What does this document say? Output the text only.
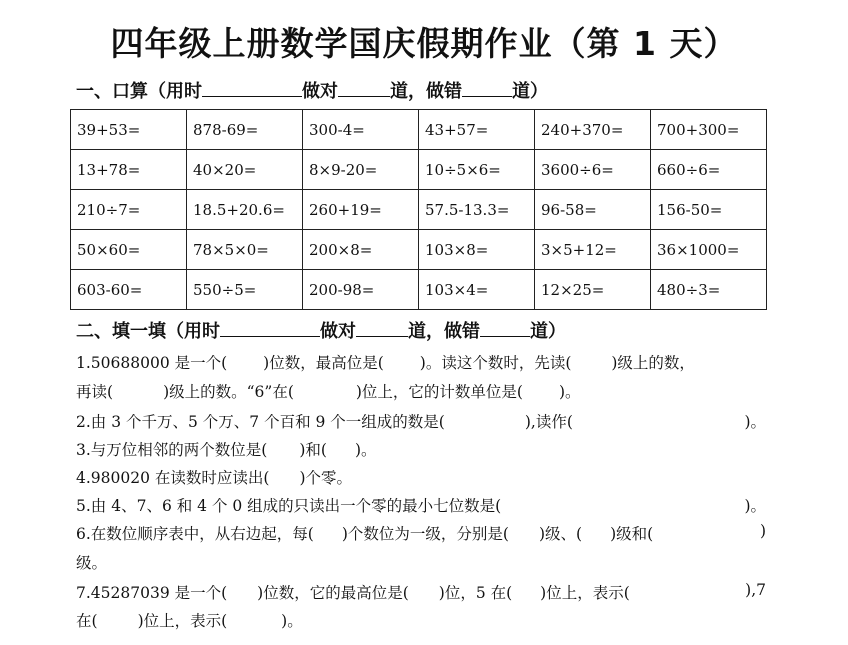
四年级上册数学国庆假期作业（第 1 天）
一、口算（用时	做对	道，做错	道）
39+53=	878-69=	300-4=	43+57=	240+370=	700+300=
13+78=	40×20=	8×9-20=	10÷5×6=	3600÷6=	660÷6=
210÷7=	18.5+20.6=	260+19=	57.5-13.3=	96-58=	156-50=
50×60=	78×5×0=	200×8=	103×8=	3×5+12=	36×1000=
603-60=	550÷5=	200-98=	103×4=	12×25=	480÷3=
二、填一填（用时	做对	道，做错	道）
1.50688000 是一个( )位数，最高位是( )。读这个数时，先读(	)级上的数，
再读(	)级上的数。“6”在(	)位上，它的计数单位是( )。
2.由 3 个千万、5 个万、7 个百和 9 个一组成的数是(	),读作(	)。
3.与万位相邻的两个数位是( )和( )。
4.980020 在读数时应读出( )个零。
5.由 4、7、6 和 4 个 0 组成的只读出一个零的最小七位数是(	)。
6.在数位顺序表中，从右边起，每( )个数位为一级，分别是( )级、( )级和(	)
级。
7.45287039 是一个( )位数，它的最高位是( )位，5 在( )位上，表示(	),7
在(	)位上，表示(	)。
